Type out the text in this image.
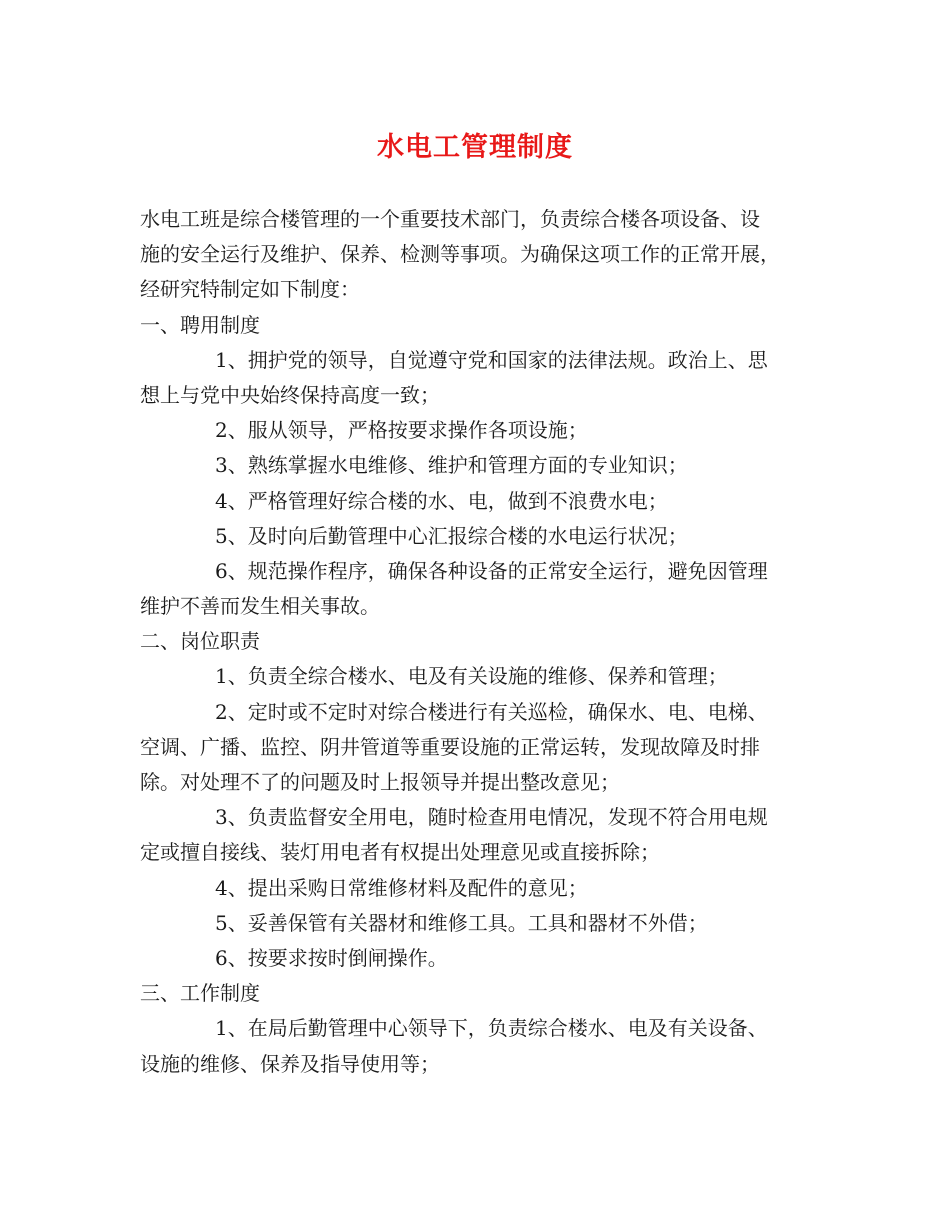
水电工管理制度
水电工班是综合楼管理的一个重要技术部门，负责综合楼各项设备、设
施的安全运行及维护、保养、检测等事项。为确保这项工作的正常开展，
经研究特制定如下制度：
一、聘用制度
1、拥护党的领导，自觉遵守党和国家的法律法规。政治上、思
想上与党中央始终保持高度一致；
2、服从领导，严格按要求操作各项设施；
3、熟练掌握水电维修、维护和管理方面的专业知识；
4、严格管理好综合楼的水、电，做到不浪费水电；
5、及时向后勤管理中心汇报综合楼的水电运行状况；
6、规范操作程序，确保各种设备的正常安全运行，避免因管理
维护不善而发生相关事故。
二、岗位职责
1、负责全综合楼水、电及有关设施的维修、保养和管理；
2、定时或不定时对综合楼进行有关巡检，确保水、电、电梯、
空调、广播、监控、阴井管道等重要设施的正常运转，发现故障及时排
除。对处理不了的问题及时上报领导并提出整改意见；
3、负责监督安全用电，随时检查用电情况，发现不符合用电规
定或擅自接线、装灯用电者有权提出处理意见或直接拆除；
4、提出采购日常维修材料及配件的意见；
5、妥善保管有关器材和维修工具。工具和器材不外借；
6、按要求按时倒闸操作。
三、工作制度
1、在局后勤管理中心领导下，负责综合楼水、电及有关设备、
设施的维修、保养及指导使用等；
